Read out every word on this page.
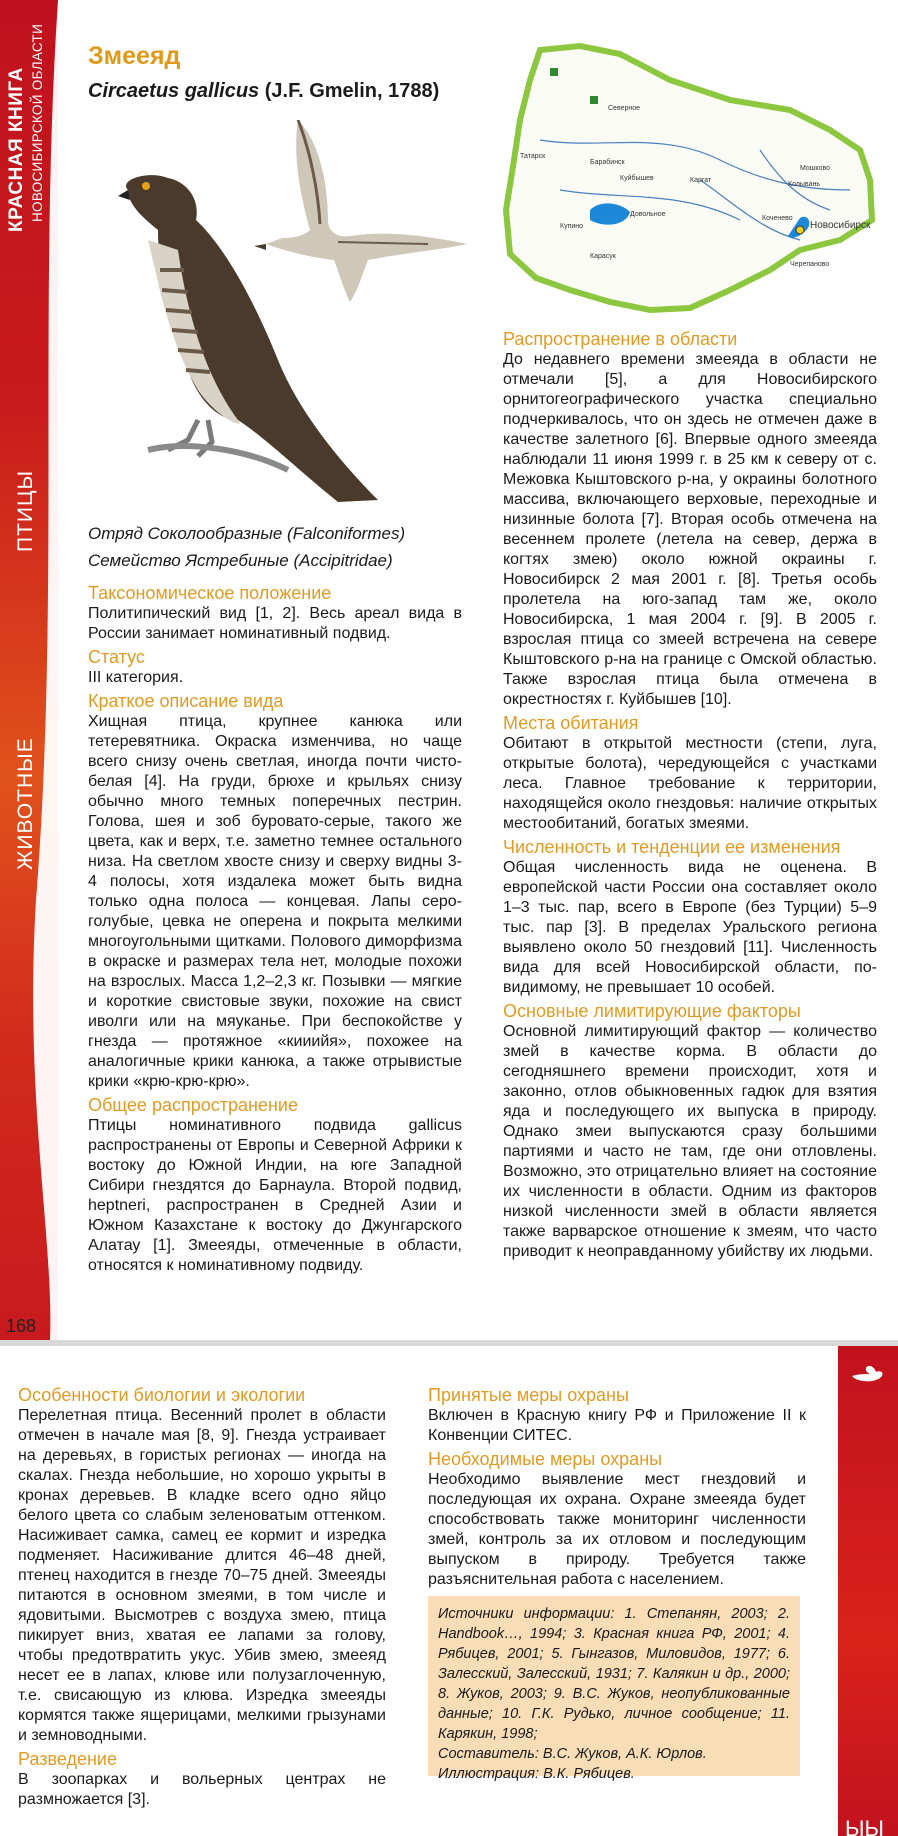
КРАСНАЯ КНИГА НОВОСИБИРСКОЙ ОБЛАСТИ
ПТИЦЫ
ЖИВОТНЫЕ
168
Змееяд
Circaetus gallicus (J.F. Gmelin, 1788)
Отряд Соколообразные (Falconiformes)
Семейство Ястребиные (Accipitridae)
Таксономическое положение

Политипический вид [1, 2]. Весь ареал вида в России занимает номинативный подвид.

Статус

III категория.

Краткое описание вида

Хищная птица, крупнее канюка или тетеревятника. Окраска изменчива, но чаще всего снизу очень светлая, иногда почти чисто-белая [4]. На груди, брюхе и крыльях снизу обычно много темных поперечных пестрин. Голова, шея и зоб буровато-серые, такого же цвета, как и верх, т.е. заметно темнее остального низа. На светлом хвосте снизу и сверху видны 3-4 полосы, хотя издалека может быть видна только одна полоса — концевая. Лапы серо-голубые, цевка не оперена и покрыта мелкими многоугольными щитками. Полового диморфизма в окраске и размерах тела нет, молодые похожи на взрослых. Масса 1,2–2,3 кг. Позывки — мягкие и короткие свистовые звуки, похожие на свист иволги или на мяуканье. При беспокойстве у гнезда — протяжное «кииийя», похожее на аналогичные крики канюка, а также отрывистые крики «крю-крю-крю».

Общее распространение

Птицы номинативного подвида gallicus распространены от Европы и Северной Африки к востоку до Южной Индии, на юге Западной Сибири гнездятся до Барнаула. Второй подвид, heptneri, распространен в Средней Азии и Южном Казахстане к востоку до Джунгарского Алатау [1]. Змееяды, отмеченные в области, относятся к номинативному подвиду.

Северное
Татарск
Барабинск
Куйбышев	Каргат
Мошково
Коченево
Новосибирск
Довольное
Карасук
Черепаново
Купино
Колывань
Распространение в области

До недавнего времени змееяда в области не отмечали [5], а для Новосибирского орнитогеографического участка специально подчеркивалось, что он здесь не отмечен даже в качестве залетного [6]. Впервые одного змееяда наблюдали 11 июня 1999 г. в 25 км к северу от с. Межовка Кыштовского р-на, у окраины болотного массива, включающего верховые, переходные и низинные болота [7]. Вторая особь отмечена на весеннем пролете (летела на север, держа в когтях змею) около южной окраины г. Новосибирск 2 мая 2001 г. [8]. Третья особь пролетела на юго-запад там же, около Новосибирска, 1 мая 2004 г. [9]. В 2005 г. взрослая птица со змеей встречена на севере Кыштовского р-на на границе с Омской областью. Также взрослая птица была отмечена в окрестностях г. Куйбышев [10].

Места обитания

Обитают в открытой местности (степи, луга, открытые болота), чередующейся с участками леса. Главное требование к территории, находящейся около гнездовья: наличие открытых местообитаний, богатых змеями.

Численность и тенденции ее изменения

Общая численность вида не оценена. В европейской части России она составляет около 1–3 тыс. пар, всего в Европе (без Турции) 5–9 тыс. пар [3]. В пределах Уральского региона выявлено около 50 гнездовий [11]. Численность вида для всей Новосибирской области, по-видимому, не превышает 10 особей.

Основные лимитирующие факторы

Основной лимитирующий фактор — количество змей в качестве корма. В области до сегодняшнего времени происходит, хотя и законно, отлов обыкновенных гадюк для взятия яда и последующего их выпуска в природу. Однако змеи выпускаются сразу большими партиями и часто не там, где они отловлены. Возможно, это отрицательно влияет на состояние их численности в области. Одним из факторов низкой численности змей в области является также варварское отношение к змеям, что часто приводит к неоправданному убийству их людьми.

ЫЫ
Особенности биологии и экологии

Перелетная птица. Весенний пролет в области отмечен в начале мая [8, 9]. Гнезда устраивает на деревьях, в гористых регионах — иногда на скалах. Гнезда небольшие, но хорошо укрыты в кронах деревьев. В кладке всего одно яйцо белого цвета со слабым зеленоватым оттенком. Насиживает самка, самец ее кормит и изредка подменяет. Насиживание длится 46–48 дней, птенец находится в гнезде 70–75 дней. Змееяды питаются в основном змеями, в том числе и ядовитыми. Высмотрев с воздуха змею, птица пикирует вниз, хватая ее лапами за голову, чтобы предотвратить укус. Убив змею, змееяд несет ее в лапах, клюве или полузаглоченную, т.е. свисающую из клюва. Изредка змееяды кормятся также ящерицами, мелкими грызунами и земноводными.

Разведение

В зоопарках и вольерных центрах не размножается [3].

Принятые меры охраны

Включен в Красную книгу РФ и Приложение II к Конвенции СИТЕС.

Необходимые меры охраны

Необходимо выявление мест гнездовий и последующая их охрана. Охране змееяда будет способствовать также мониторинг численности змей, контроль за их отловом и последующим выпуском в природу. Требуется также разъяснительная работа с населением.

Источники информации: 1. Степанян, 2003; 2. Handbook…, 1994; 3. Красная книга РФ, 2001; 4. Рябицев, 2001; 5. Гынгазов, Миловидов, 1977; 6. Залесский, Залесский, 1931; 7. Калякин и др., 2000; 8. Жуков, 2003; 9. В.С. Жуков, неопубликованные данные; 10. Г.К. Рудько, личное сообщение; 11. Карякин, 1998;

Составитель: В.С. Жуков, А.К. Юрлов.

Иллюстрация: В.К. Рябицев.
